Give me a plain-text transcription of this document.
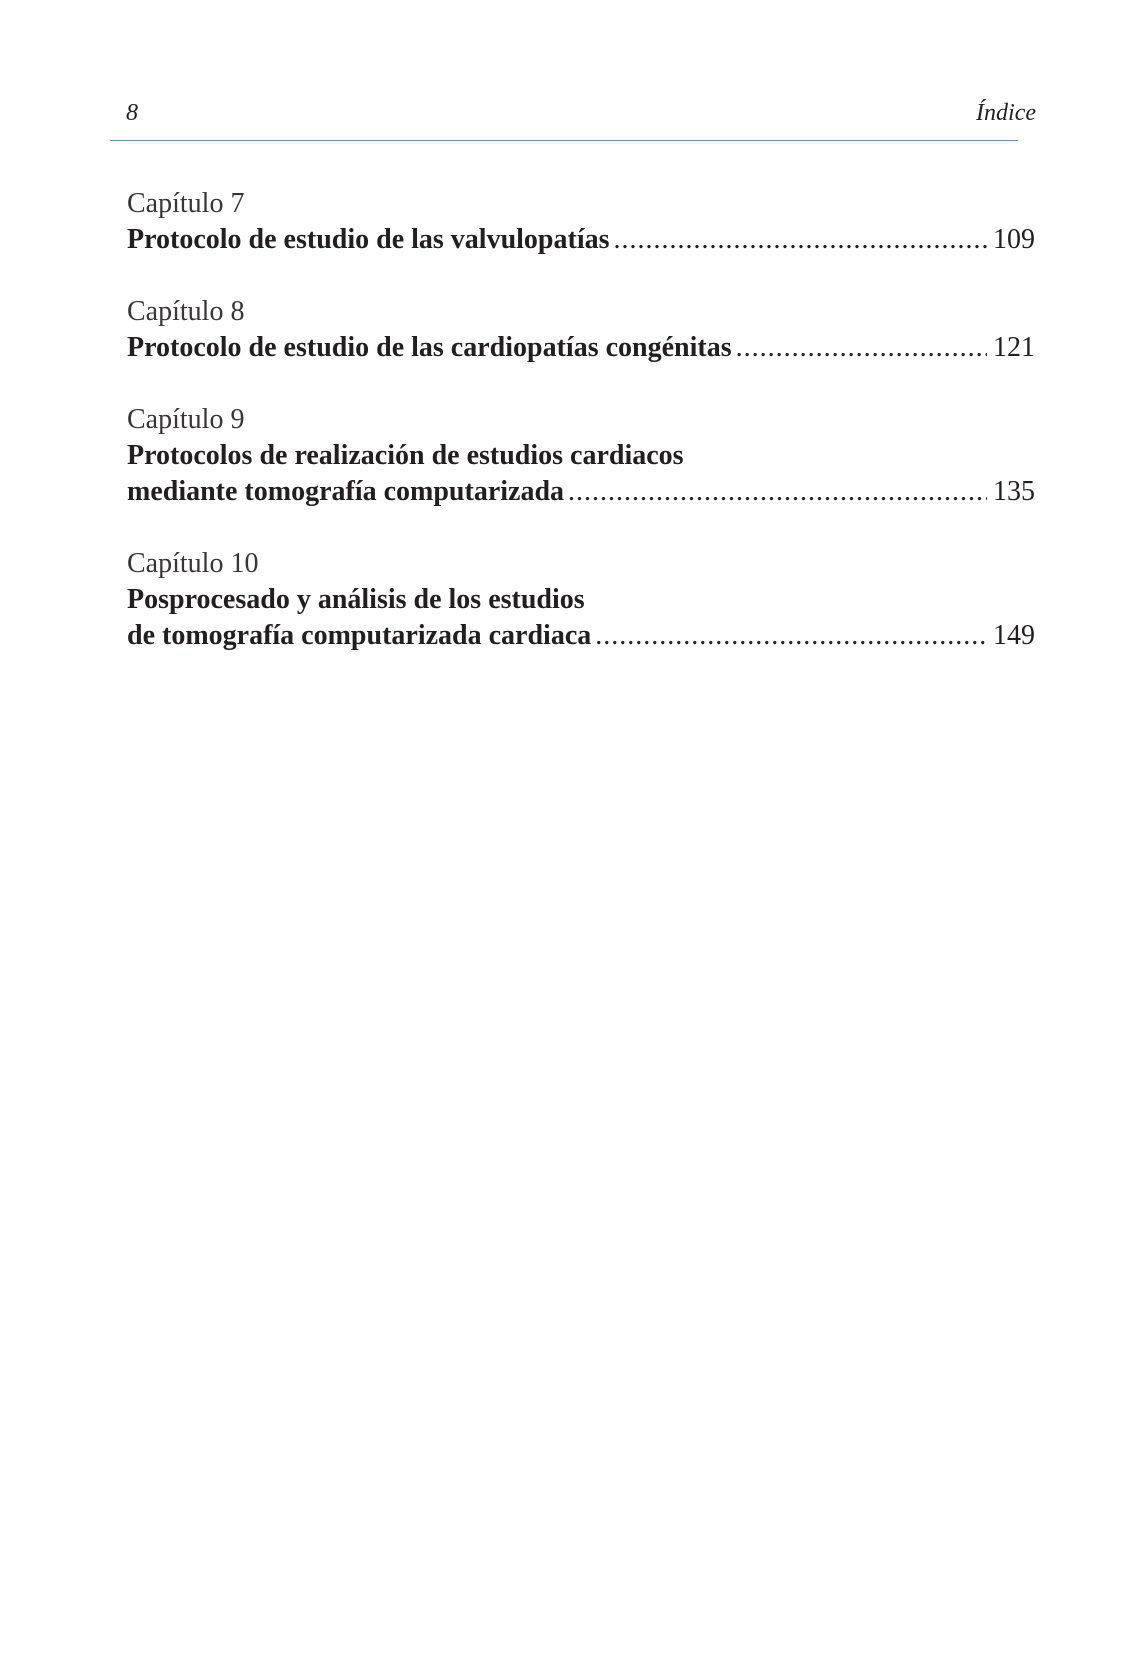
8	Índice
Capítulo 7
Protocolo de estudio de las valvulopatías .....	109
Capítulo 8
Protocolo de estudio de las cardiopatías congénitas .....	121
Capítulo 9
Protocolos de realización de estudios cardiacos
mediante tomografía computarizada .....	135
Capítulo 10
Posprocesado y análisis de los estudios
de tomografía computarizada cardiaca .....	149
